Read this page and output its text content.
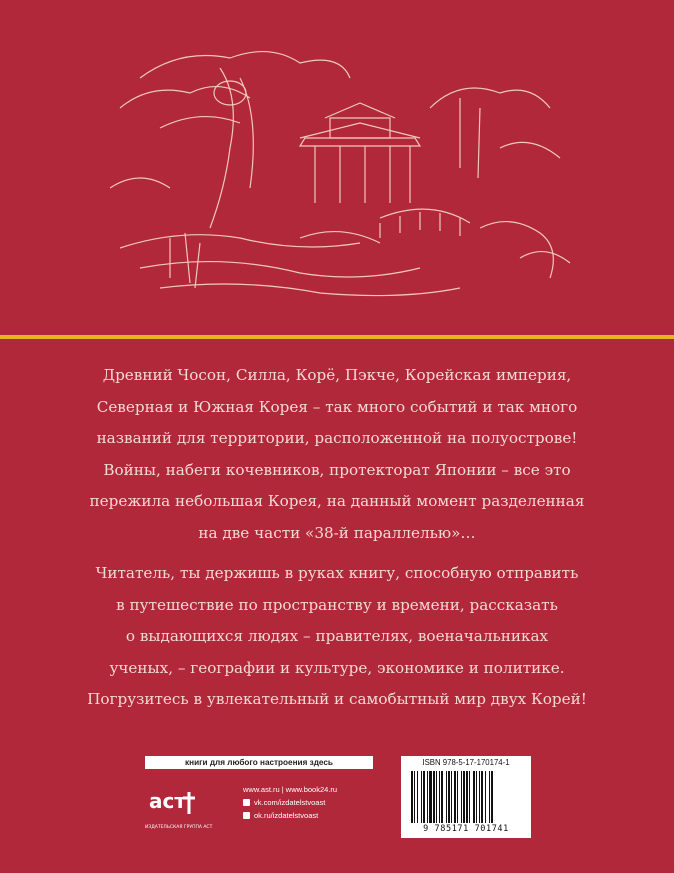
Древний Чосон, Силла, Корё, Пэкче, Корейская империя,

Северная и Южная Корея – так много событий и так много

названий для территории, расположенной на полуострове!

Войны, набеги кочевников, протекторат Японии – все это

пережила небольшая Корея, на данный момент разделенная

на две части «38-й параллелью»…

Читатель, ты держишь в руках книгу, способную отправить

в путешествие по пространству и времени, рассказать

о выдающихся людях – правителях, военачальниках

ученых, – географии и культуре, экономике и политике.

Погрузитесь в увлекательный и самобытный мир двух Корей!

книги для любого настроения здесь
аст
ИЗДАТЕЛЬСКАЯ ГРУППА АСТ
www.ast.ru | www.book24.ru
vk.com/izdatelstvoast
ok.ru/izdatelstvoast
ISBN 978-5-17-170174-1
9 785171 701741
